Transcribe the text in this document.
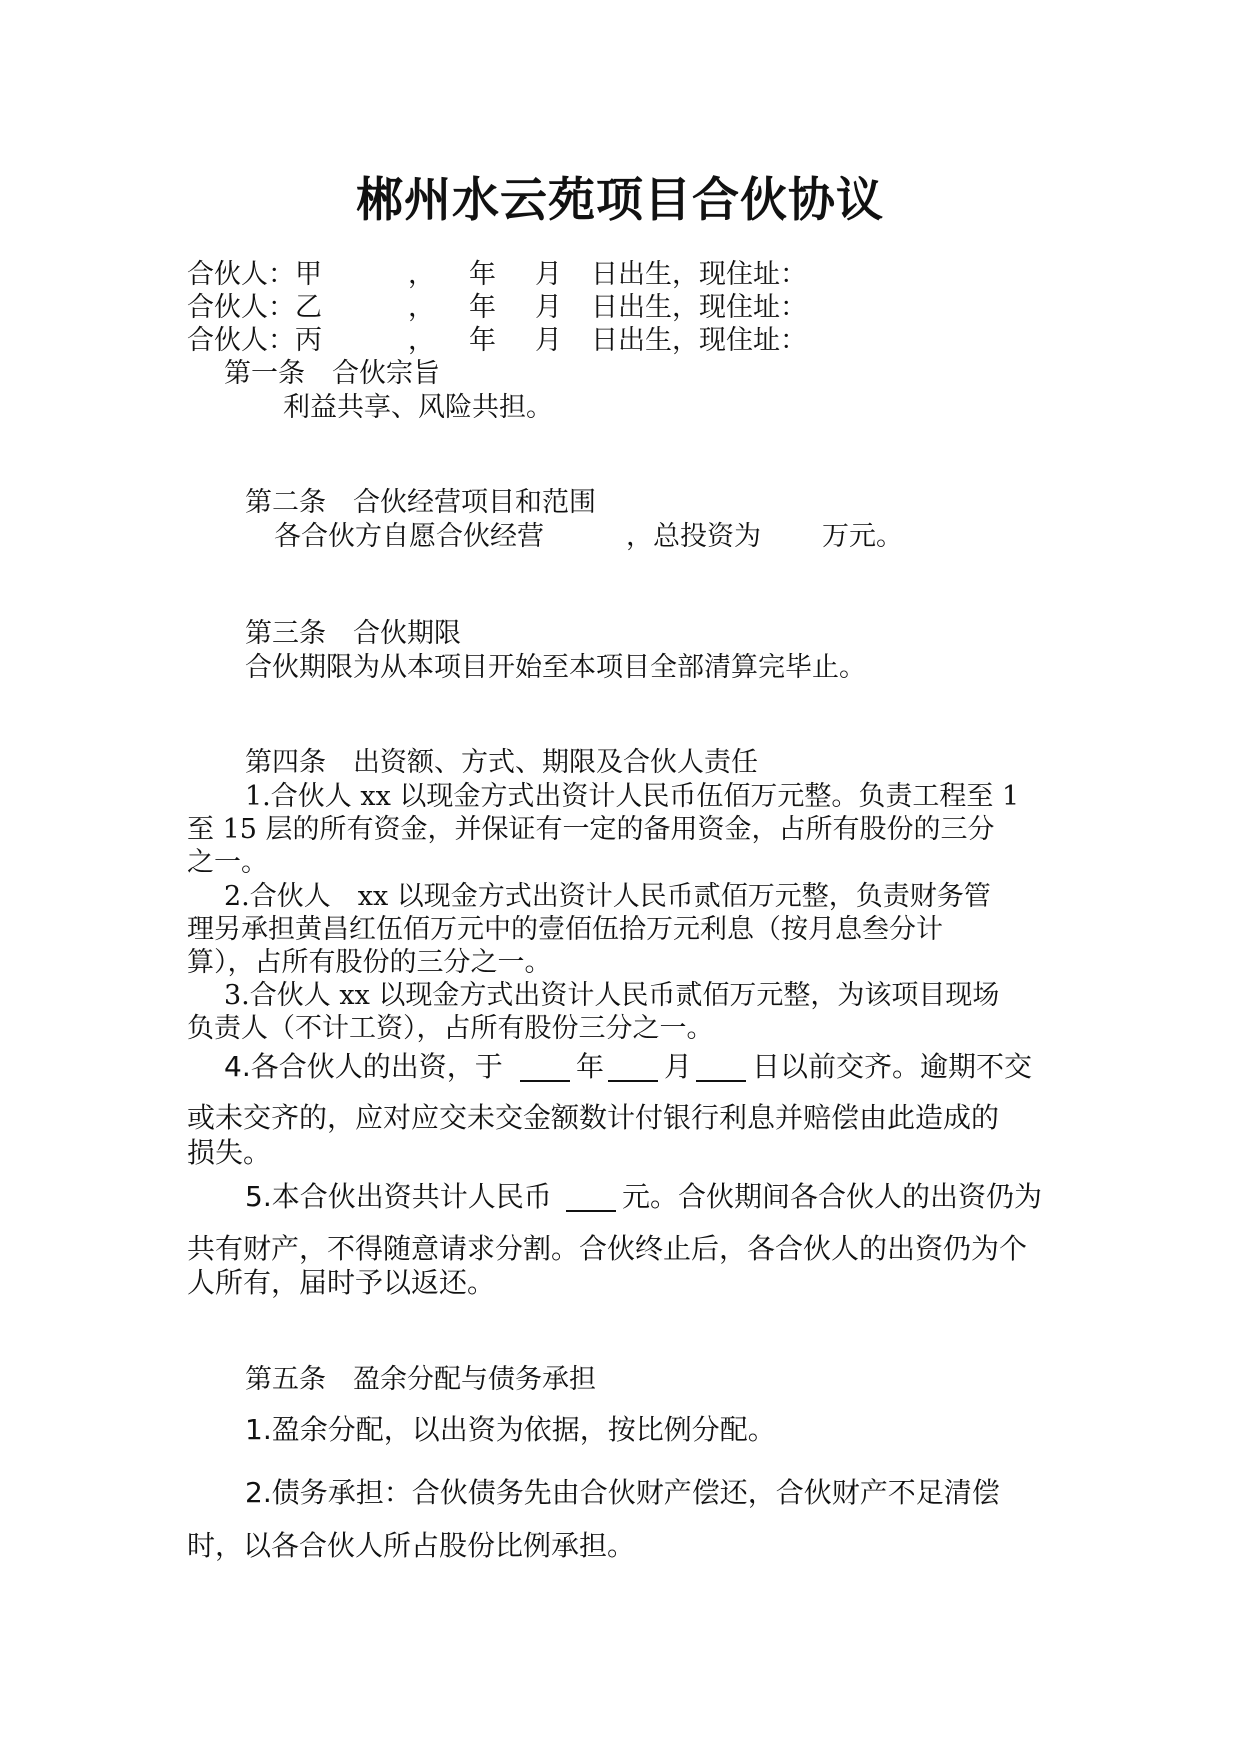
郴州水云苑项目合伙协议
合伙人：甲	， 年 月 日出生，现住址：
合伙人：乙	， 年 月 日出生，现住址：
合伙人：丙	， 年 月 日出生，现住址：
第一条　合伙宗旨
利益共享、风险共担。
第二条　合伙经营项目和范围
各合伙方自愿合伙经营	，总投资为 万元。
第三条　合伙期限
合伙期限为从本项目开始至本项目全部清算完毕止。
第四条　出资额、方式、期限及合伙人责任
1.合伙人 xx 以现金方式出资计人民币伍佰万元整。负责工程至 1
至 15 层的所有资金，并保证有一定的备用资金，占所有股份的三分
之一。
2.合伙人　xx 以现金方式出资计人民币贰佰万元整，负责财务管
理另承担黄昌红伍佰万元中的壹佰伍拾万元利息（按月息叁分计
算），占所有股份的三分之一。
3.合伙人 xx 以现金方式出资计人民币贰佰万元整，为该项目现场
负责人（不计工资），占所有股份三分之一。
4.各合伙人的出资，于	年 月 日以前交齐。逾期不交
或未交齐的，应对应交未交金额数计付银行利息并赔偿由此造成的
损失。
5.本合伙出资共计人民币	元。合伙期间各合伙人的出资仍为
共有财产，不得随意请求分割。合伙终止后，各合伙人的出资仍为个
人所有，届时予以返还。
第五条　盈余分配与债务承担
1.盈余分配，以出资为依据，按比例分配。
2.债务承担：合伙债务先由合伙财产偿还，合伙财产不足清偿
时，以各合伙人所占股份比例承担。
